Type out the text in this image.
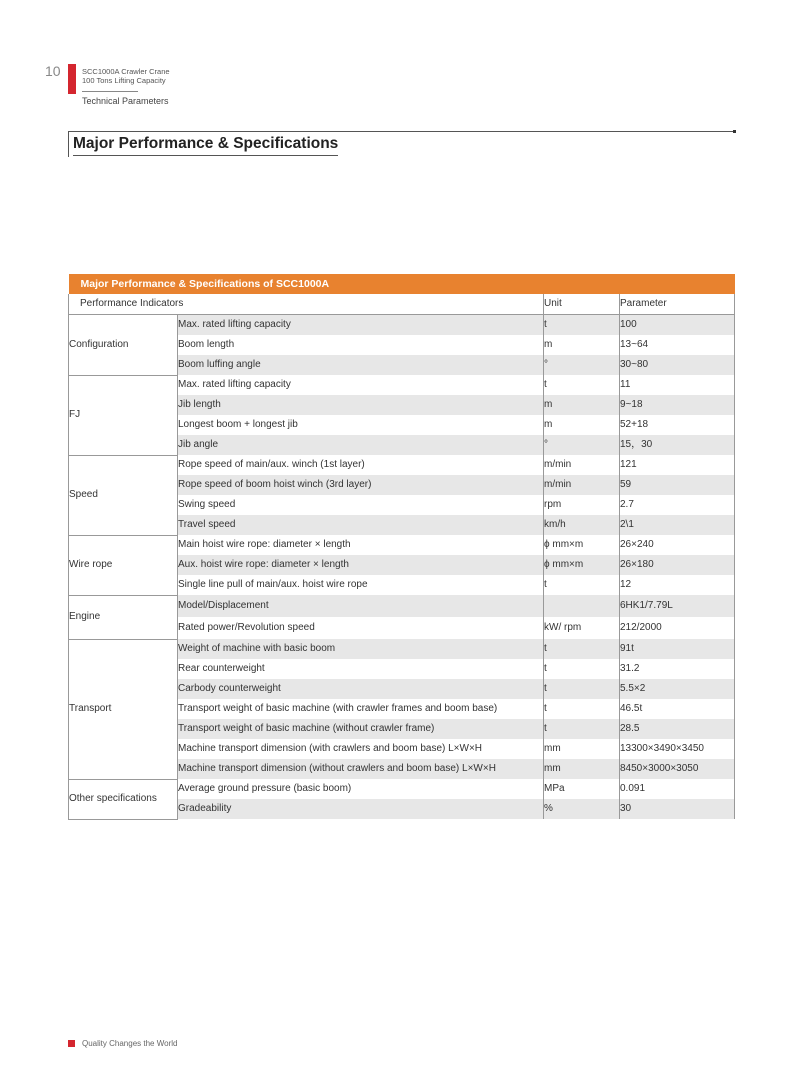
10	SCC1000A Crawler Crane
100 Tons Lifting Capacity
Technical Parameters
Major Performance & Specifications
Major Performance & Specifications of SCC1000A			
Performance Indicators		Unit	Parameter
Configuration	Max. rated lifting capacity	t	100
	Boom length	m	13~64
	Boom luffing angle	°	30~80
FJ	Max. rated lifting capacity	t	11
	Jib length	m	9~18
	Longest boom + longest jib	m	52+18
	Jib angle	°	15，30
Speed	Rope speed of main/aux. winch (1st layer)	m/min	121
	Rope speed of boom hoist winch (3rd layer)	m/min	59
	Swing speed	rpm	2.7
	Travel speed	km/h	2\1
Wire rope	Main hoist wire rope: diameter × length	ϕ mm×m	26×240
	Aux. hoist wire rope: diameter × length	ϕ mm×m	26×180
	Single line pull of main/aux. hoist wire rope	t	12
Engine	Model/Displacement		6HK1/7.79L
	Rated power/Revolution speed	kW/ rpm	212/2000
Transport	Weight of machine with basic boom	t	91t
	Rear counterweight	t	31.2
	Carbody counterweight	t	5.5×2
	Transport weight of basic machine (with crawler frames and boom base)	t	46.5t
	Transport weight of basic machine (without crawler frame)	t	28.5
	Machine transport dimension (with crawlers and boom base) L×W×H	mm	13300×3490×3450
	Machine transport dimension (without crawlers and boom base) L×W×H	mm	8450×3000×3050
Other specifications	Average ground pressure (basic boom)	MPa	0.091
	Gradeability	%	30
Quality Changes the World
